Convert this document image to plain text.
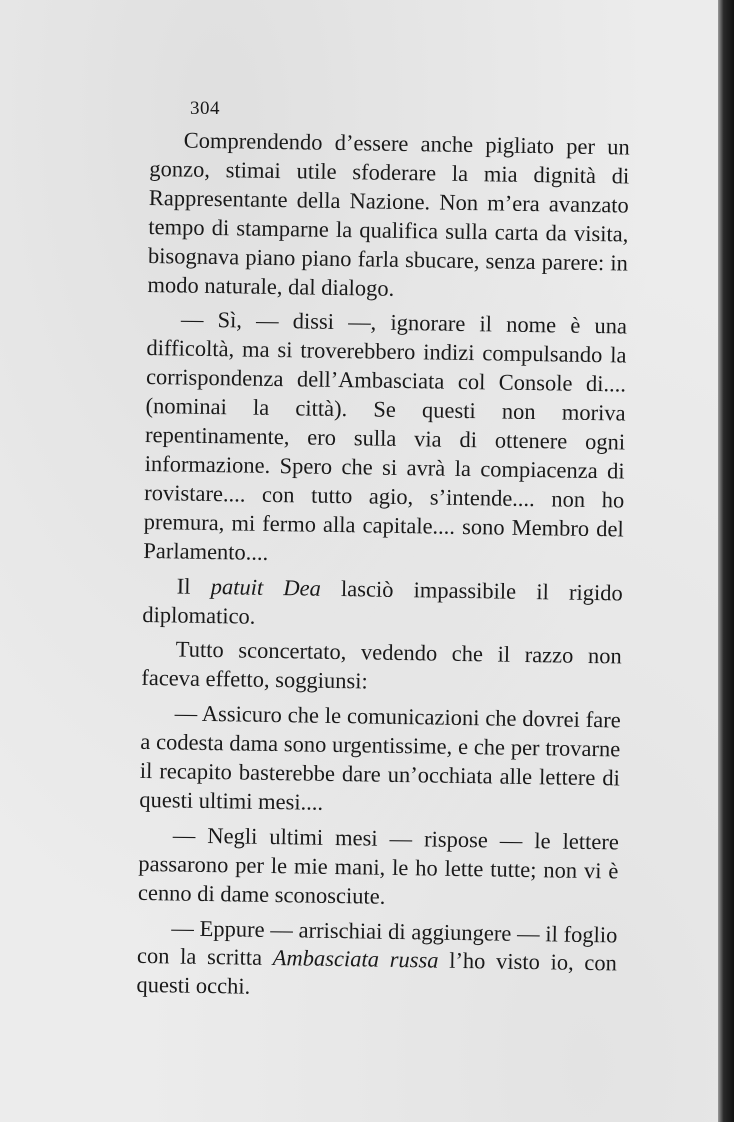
304

Comprendendo d’essere anche pigliato per un gonzo, stimai utile sfoderare la mia dignità di Rappresentante della Nazione. Non m’era avanzato tempo di stamparne la qualifica sulla carta da visita, bisognava piano piano farla sbucare, senza parere: in modo naturale, dal dialogo.

— Sì, — dissi —, ignorare il nome è una difficoltà, ma si troverebbero indizi compulsando la corrispondenza dell’Ambasciata col Console di.... (nominai la città). Se questi non moriva repentinamente, ero sulla via di ottenere ogni informazione. Spero che si avrà la compiacenza di rovistare.... con tutto agio, s’intende.... non ho premura, mi fermo alla capitale.... sono Membro del Parlamento....

Il patuit Dea lasciò impassibile il rigido diplomatico.

Tutto sconcertato, vedendo che il razzo non faceva effetto, soggiunsi:

— Assicuro che le comunicazioni che dovrei fare a codesta dama sono urgentissime, e che per trovarne il recapito basterebbe dare un’occhiata alle lettere di questi ultimi mesi....

— Negli ultimi mesi — rispose — le lettere passarono per le mie mani, le ho lette tutte; non vi è cenno di dame sconosciute.

— Eppure — arrischiai di aggiungere — il foglio con la scritta Ambasciata russa l’ho visto io, con questi occhi.
